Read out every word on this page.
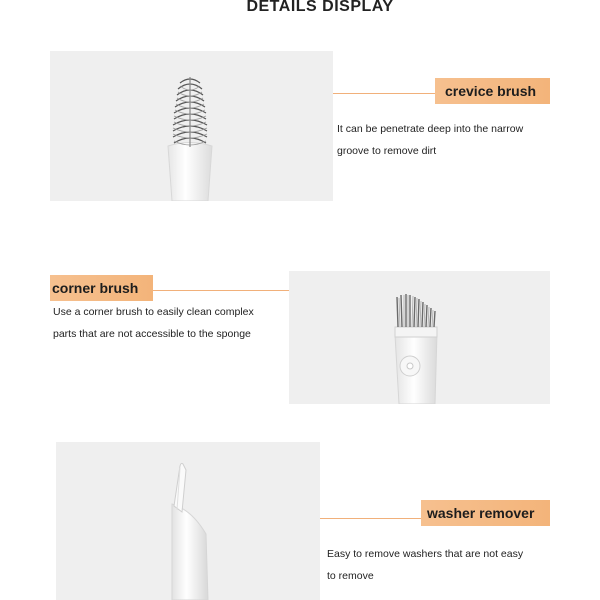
DETAILS DISPLAY
crevice brush
It can be penetrate deep into the narrow
groove to remove dirt
corner brush
Use a corner brush to easily clean complex
parts that are not accessible to the sponge
washer remover
Easy to remove washers that are not easy
to remove
